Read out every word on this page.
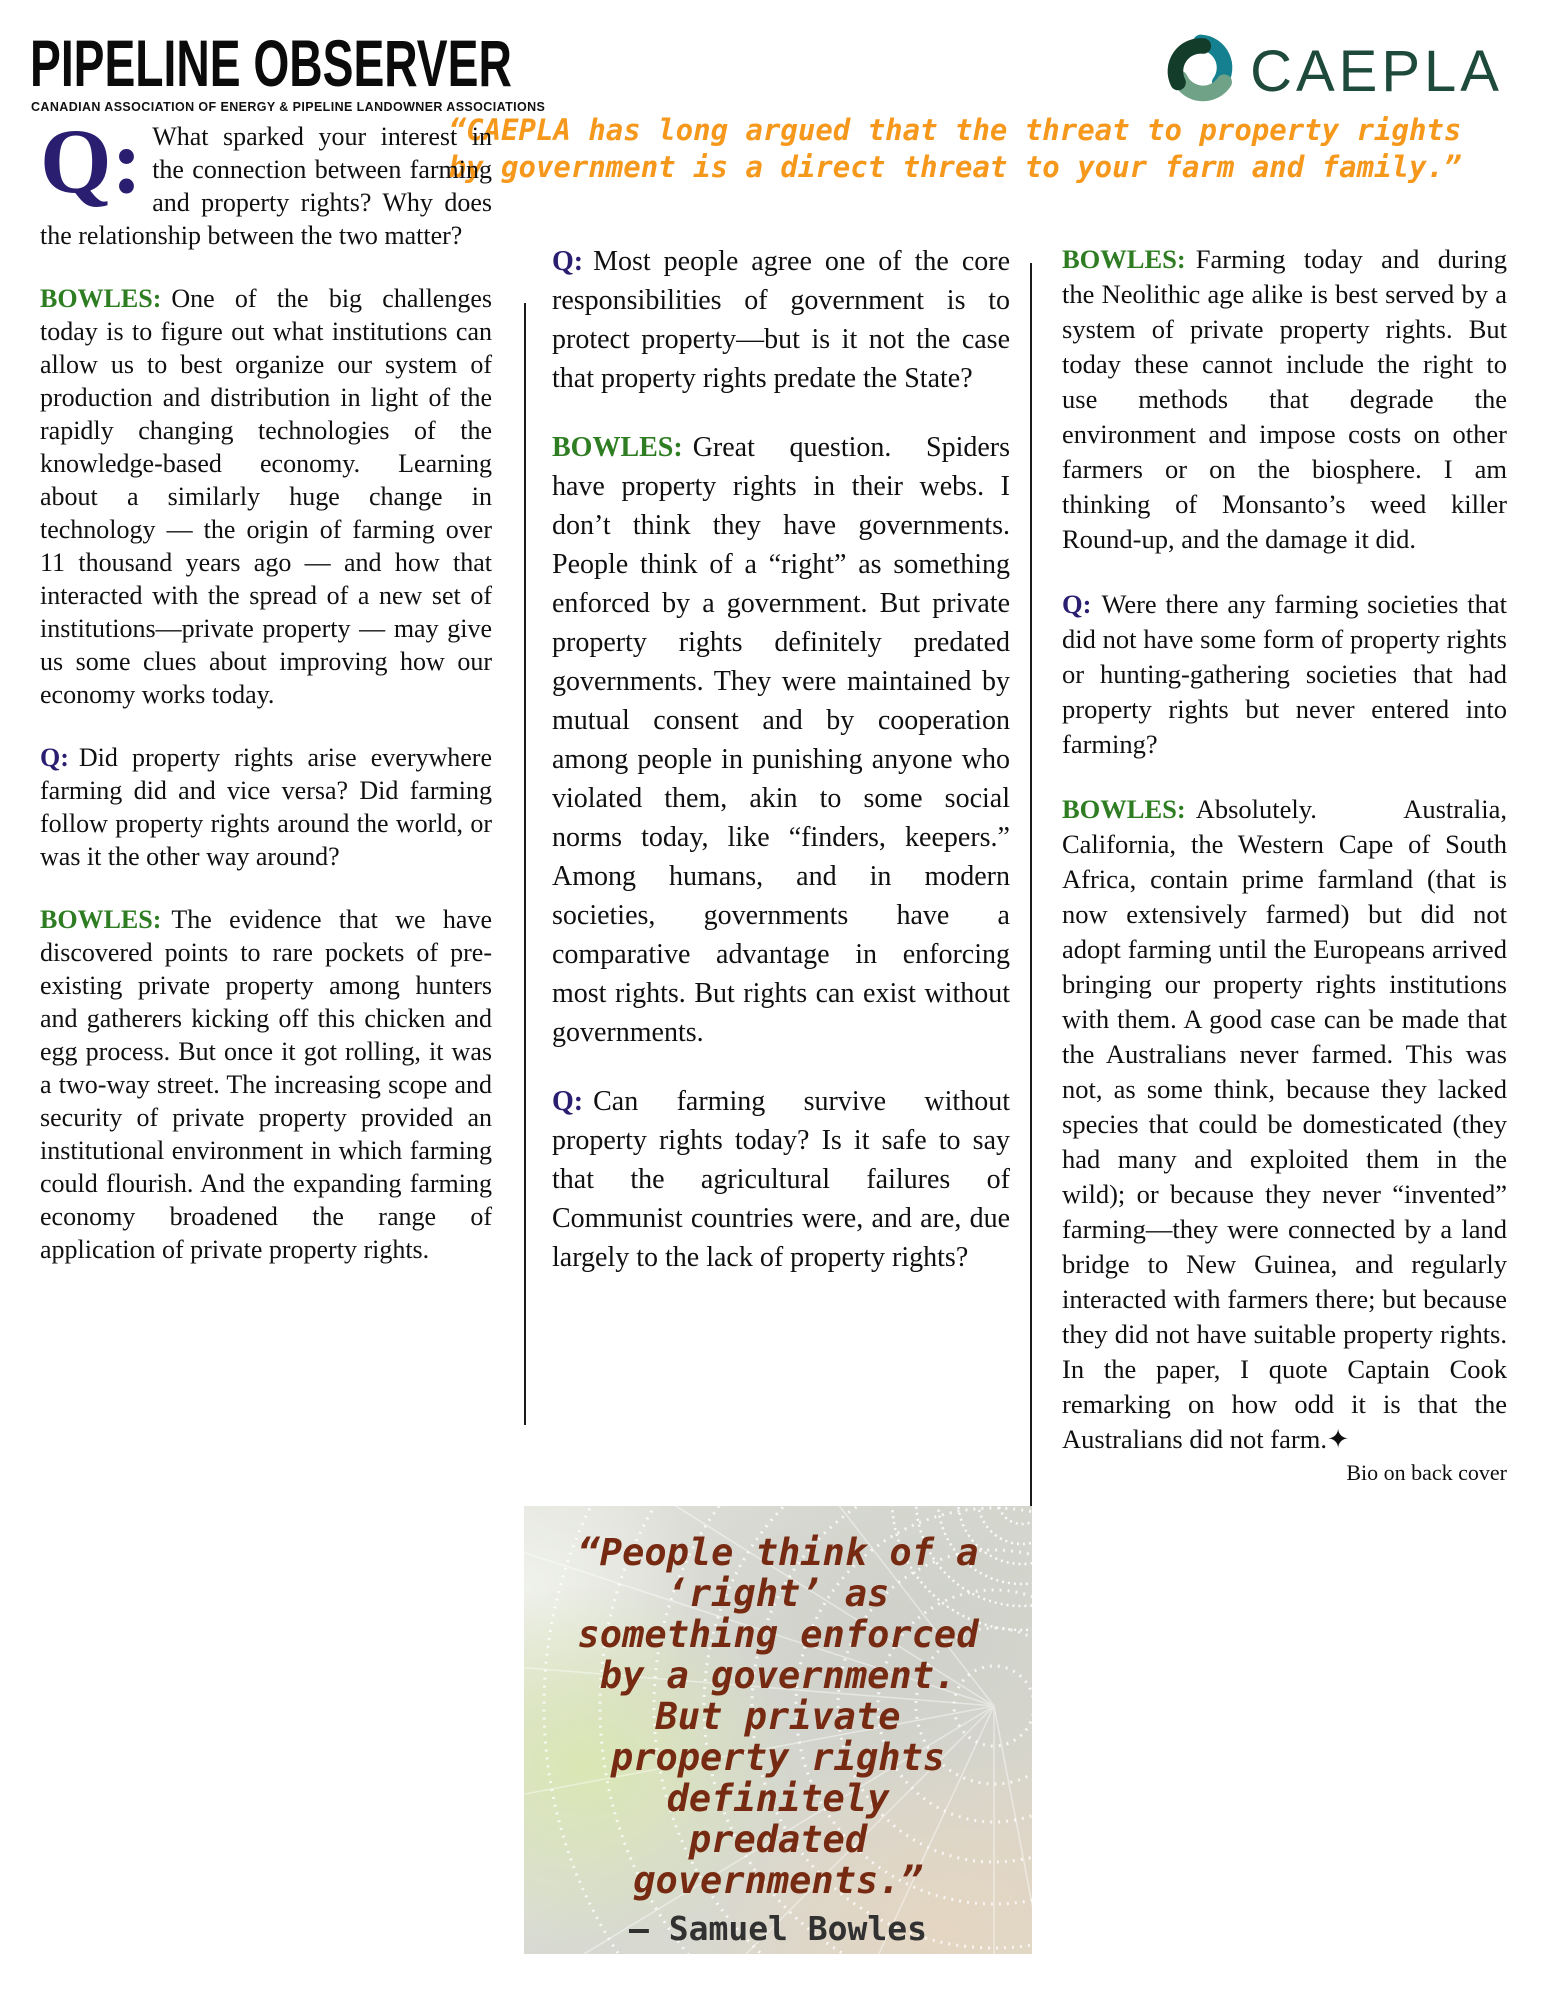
PIPELINE OBSERVER
CANADIAN ASSOCIATION OF ENERGY & PIPELINE LANDOWNER ASSOCIATIONS
CAEPLA
“CAEPLA has long argued that the threat to property rights
by government is a direct threat to your farm and family.”

Q: What sparked your interest in the connection between farming and property rights? Why does the relationship between the two matter?

BOWLES: One of the big challenges today is to figure out what institutions can allow us to best organize our system of production and distribution in light of the rapidly changing technologies of the knowledge-based economy. Learning about a similarly huge change in technology — the origin of farming over 11 thousand years ago — and how that interacted with the spread of a new set of institutions—private property — may give us some clues about improving how our economy works today.

Q: Did property rights arise everywhere farming did and vice versa? Did farming follow property rights around the world, or was it the other way around?

BOWLES: The evidence that we have discovered points to rare pockets of pre-existing private property among hunters and gatherers kicking off this chicken and egg process. But once it got rolling, it was a two-way street. The increasing scope and security of private property provided an institutional environment in which farming could flourish. And the expanding farming economy broadened the range of application of private property rights.

Q: Most people agree one of the core responsibilities of government is to protect property—but is it not the case that property rights predate the State?

BOWLES: Great question. Spiders have property rights in their webs. I don’t think they have governments. People think of a “right” as something enforced by a government. But private property rights definitely predated governments. They were maintained by mutual consent and by cooperation among people in punishing anyone who violated them, akin to some social norms today, like “finders, keepers.” Among humans, and in modern societies, governments have a comparative advantage in enforcing most rights. But rights can exist without governments.

Q: Can farming survive without property rights today? Is it safe to say that the agricultural failures of Communist countries were, and are, due largely to the lack of property rights?

BOWLES: Farming today and during the Neolithic age alike is best served by a system of private property rights. But today these cannot include the right to use methods that degrade the environment and impose costs on other farmers or on the biosphere. I am thinking of Monsanto’s weed killer Round-up, and the damage it did.

Q: Were there any farming societies that did not have some form of property rights or hunting-gathering societies that had property rights but never entered into farming?

BOWLES: Absolutely. Australia, California, the Western Cape of South Africa, contain prime farmland (that is now extensively farmed) but did not adopt farming until the Europeans arrived bringing our property rights institutions with them. A good case can be made that the Australians never farmed. This was not, as some think, because they lacked species that could be domesticated (they had many and exploited them in the wild); or because they never “invented” farming—they were connected by a land bridge to New Guinea, and regularly interacted with farmers there; but because they did not have suitable property rights. In the paper, I quote Captain Cook remarking on how odd it is that the Australians did not farm.✦

Bio on back cover
“People think of a
‘right’ as
something enforced
by a government.
But private
property rights
definitely
predated
governments.”
— Samuel Bowles
